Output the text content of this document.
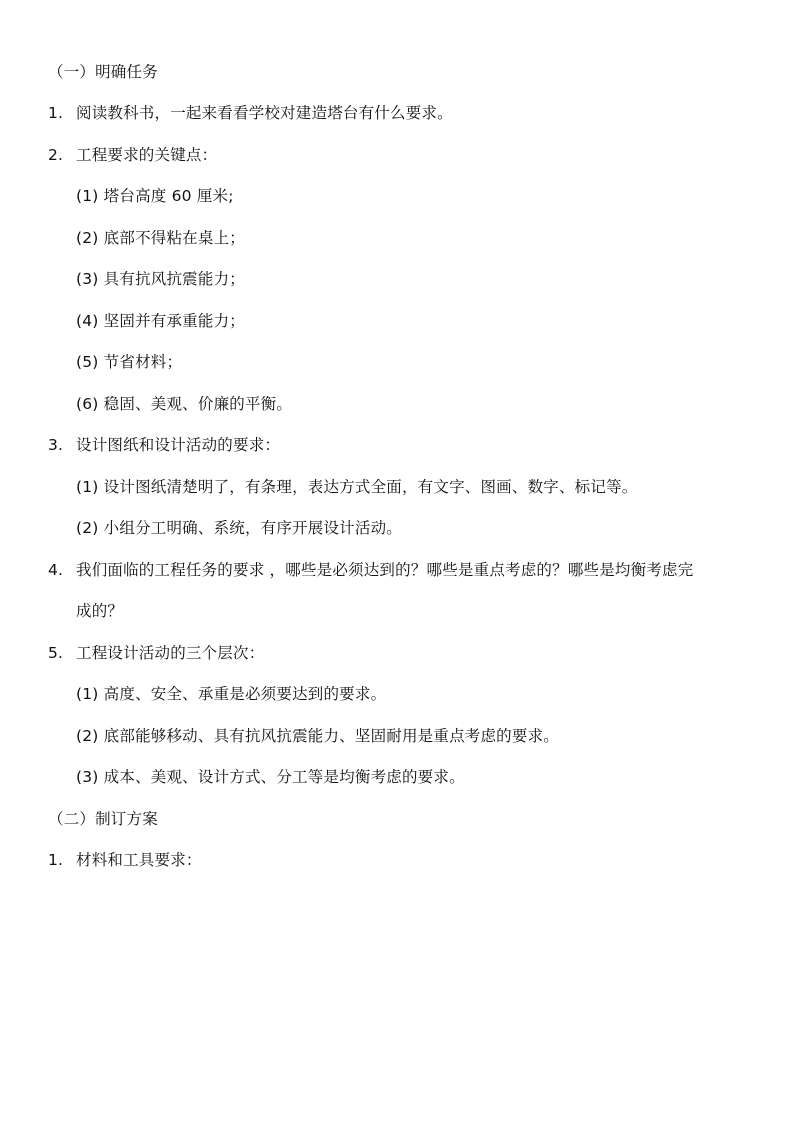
（一）明确任务
1. 阅读教科书，一起来看看学校对建造塔台有什么要求。
2. 工程要求的关键点：
(1) 塔台高度 60 厘米;
(2) 底部不得粘在桌上；
(3) 具有抗风抗震能力；
(4) 坚固并有承重能力；
(5) 节省材料；
(6) 稳固、美观、价廉的平衡。
3. 设计图纸和设计活动的要求：
(1) 设计图纸清楚明了，有条理，表达方式全面，有文字、图画、数字、标记等。
(2) 小组分工明确、系统，有序开展设计活动。
4. 我们面临的工程任务的要求 ，哪些是必须达到的？哪些是重点考虑的？哪些是均衡考虑完
成的？
5. 工程设计活动的三个层次：
(1) 高度、安全、承重是必须要达到的要求。
(2) 底部能够移动、具有抗风抗震能力、坚固耐用是重点考虑的要求。
(3) 成本、美观、设计方式、分工等是均衡考虑的要求。
（二）制订方案
1. 材料和工具要求：
